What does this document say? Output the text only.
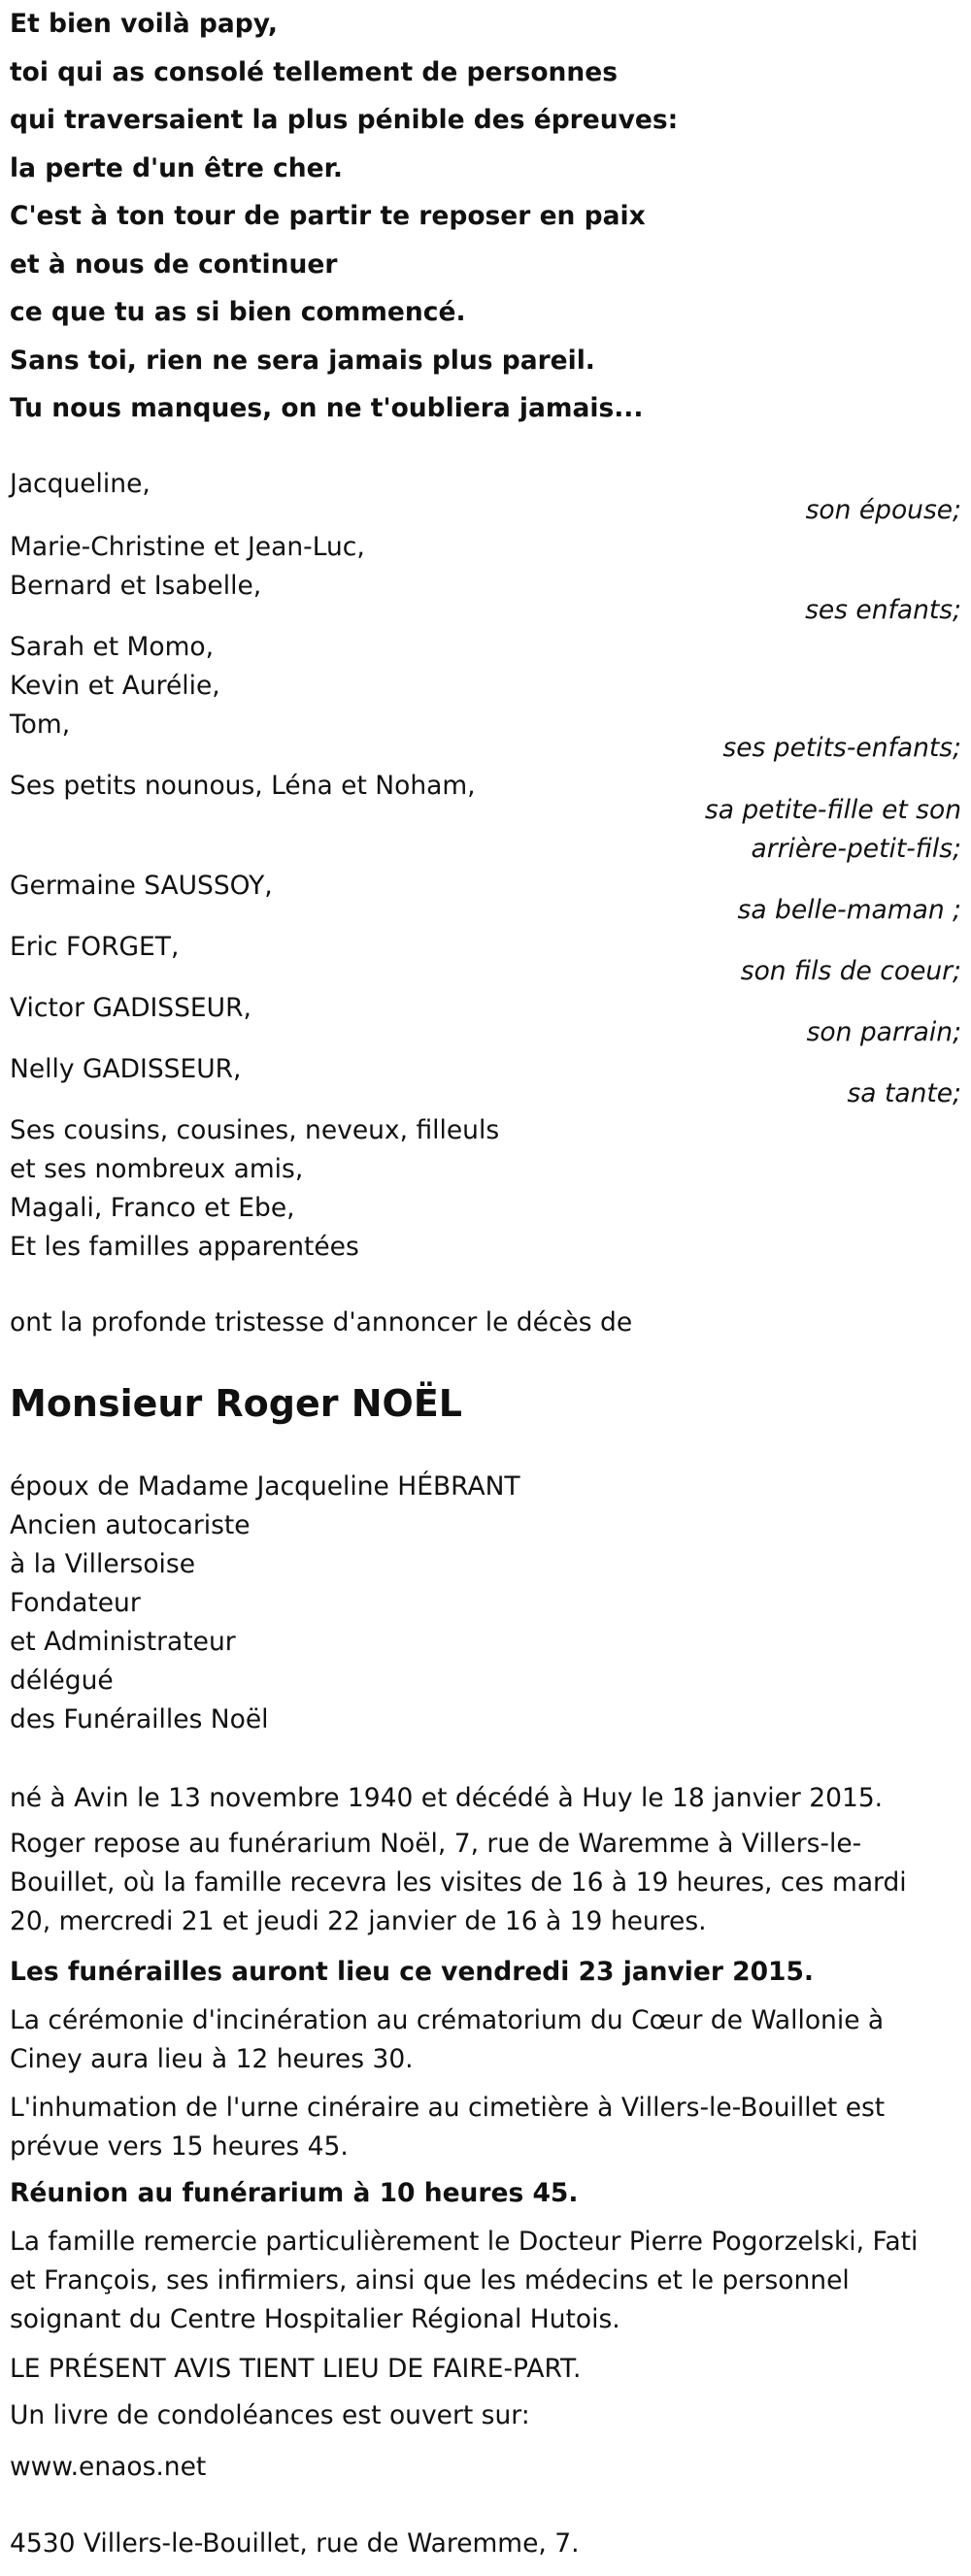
Et bien voilà papy,
toi qui as consolé tellement de personnes
qui traversaient la plus pénible des épreuves:
la perte d'un être cher.
C'est à ton tour de partir te reposer en paix
et à nous de continuer
ce que tu as si bien commencé.
Sans toi, rien ne sera jamais plus pareil.
Tu nous manques, on ne t'oubliera jamais...
Jacqueline,
son épouse;
Marie-Christine et Jean-Luc,
Bernard et Isabelle,
ses enfants;
Sarah et Momo,
Kevin et Aurélie,
Tom,
ses petits-enfants;
Ses petits nounous, Léna et Noham,
sa petite-fille et son
arrière-petit-fils;
Germaine SAUSSOY,
sa belle-maman ;
Eric FORGET,
son fils de coeur;
Victor GADISSEUR,
son parrain;
Nelly GADISSEUR,
sa tante;
Ses cousins, cousines, neveux, filleuls
et ses nombreux amis,
Magali, Franco et Ebe,
Et les familles apparentées
ont la profonde tristesse d'annoncer le décès de
Monsieur Roger NOËL
époux de Madame Jacqueline HÉBRANT
Ancien autocariste
à la Villersoise
Fondateur
et Administrateur
délégué
des Funérailles Noël
né à Avin le 13 novembre 1940 et décédé à Huy le 18 janvier 2015.
Roger repose au funérarium Noël, 7, rue de Waremme à Villers-le-Bouillet, où la famille recevra les visites de 16 à 19 heures, ces mardi 20, mercredi 21 et jeudi 22 janvier de 16 à 19 heures.
Les funérailles auront lieu ce vendredi 23 janvier 2015.
La cérémonie d'incinération au crématorium du Cœur de Wallonie à Ciney aura lieu à 12 heures 30.
L'inhumation de l'urne cinéraire au cimetière à Villers-le-Bouillet est prévue vers 15 heures 45.
Réunion au funérarium à 10 heures 45.
La famille remercie particulièrement le Docteur Pierre Pogorzelski, Fati et François, ses infirmiers, ainsi que les médecins et le personnel soignant du Centre Hospitalier Régional Hutois.
LE PRÉSENT AVIS TIENT LIEU DE FAIRE-PART.
Un livre de condoléances est ouvert sur:
www.enaos.net
4530 Villers-le-Bouillet, rue de Waremme, 7.
